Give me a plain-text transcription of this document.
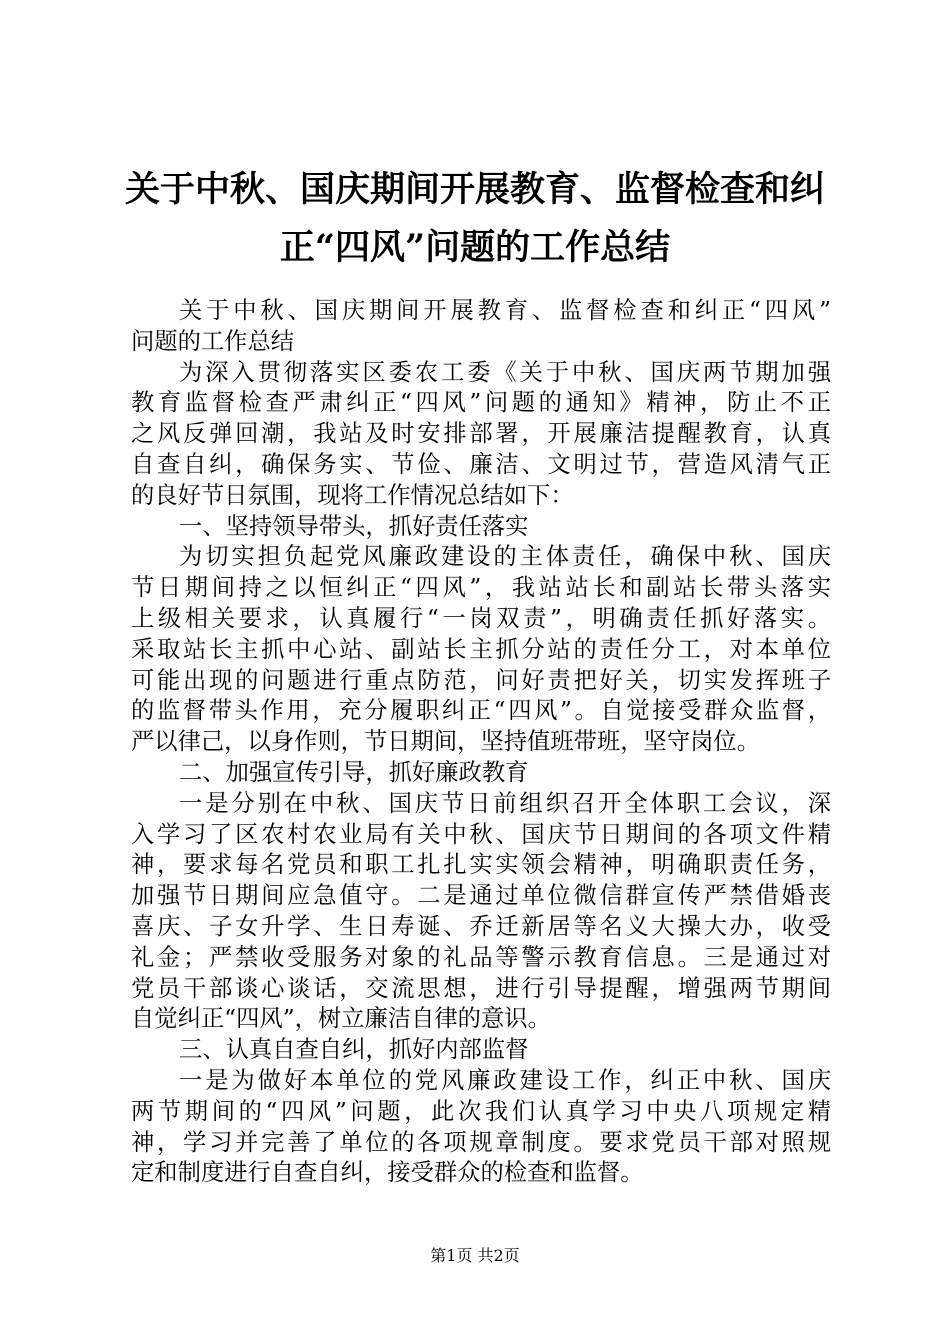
关于中秋、国庆期间开展教育、监督检查和纠
正“四风”问题的工作总结
关于中秋、国庆期间开展教育、监督检查和纠正“四风”
问题的工作总结
为深入贯彻落实区委农工委《关于中秋、国庆两节期加强
教育监督检查严肃纠正“四风”问题的通知》精神，防止不正
之风反弹回潮，我站及时安排部署，开展廉洁提醒教育，认真
自查自纠，确保务实、节俭、廉洁、文明过节，营造风清气正
的良好节日氛围，现将工作情况总结如下：
一、坚持领导带头，抓好责任落实
为切实担负起党风廉政建设的主体责任，确保中秋、国庆
节日期间持之以恒纠正“四风”，我站站长和副站长带头落实
上级相关要求，认真履行“一岗双责”，明确责任抓好落实。
采取站长主抓中心站、副站长主抓分站的责任分工，对本单位
可能出现的问题进行重点防范，问好责把好关，切实发挥班子
的监督带头作用，充分履职纠正“四风”。自觉接受群众监督，
严以律己，以身作则，节日期间，坚持值班带班，坚守岗位。
二、加强宣传引导，抓好廉政教育
一是分别在中秋、国庆节日前组织召开全体职工会议，深
入学习了区农村农业局有关中秋、国庆节日期间的各项文件精
神，要求每名党员和职工扎扎实实领会精神，明确职责任务，
加强节日期间应急值守。二是通过单位微信群宣传严禁借婚丧
喜庆、子女升学、生日寿诞、乔迁新居等名义大操大办，收受
礼金；严禁收受服务对象的礼品等警示教育信息。三是通过对
党员干部谈心谈话，交流思想，进行引导提醒，增强两节期间
自觉纠正“四风”，树立廉洁自律的意识。
三、认真自查自纠，抓好内部监督
一是为做好本单位的党风廉政建设工作，纠正中秋、国庆
两节期间的“四风”问题，此次我们认真学习中央八项规定精
神，学习并完善了单位的各项规章制度。要求党员干部对照规
定和制度进行自查自纠，接受群众的检查和监督。
第1页 共2页
